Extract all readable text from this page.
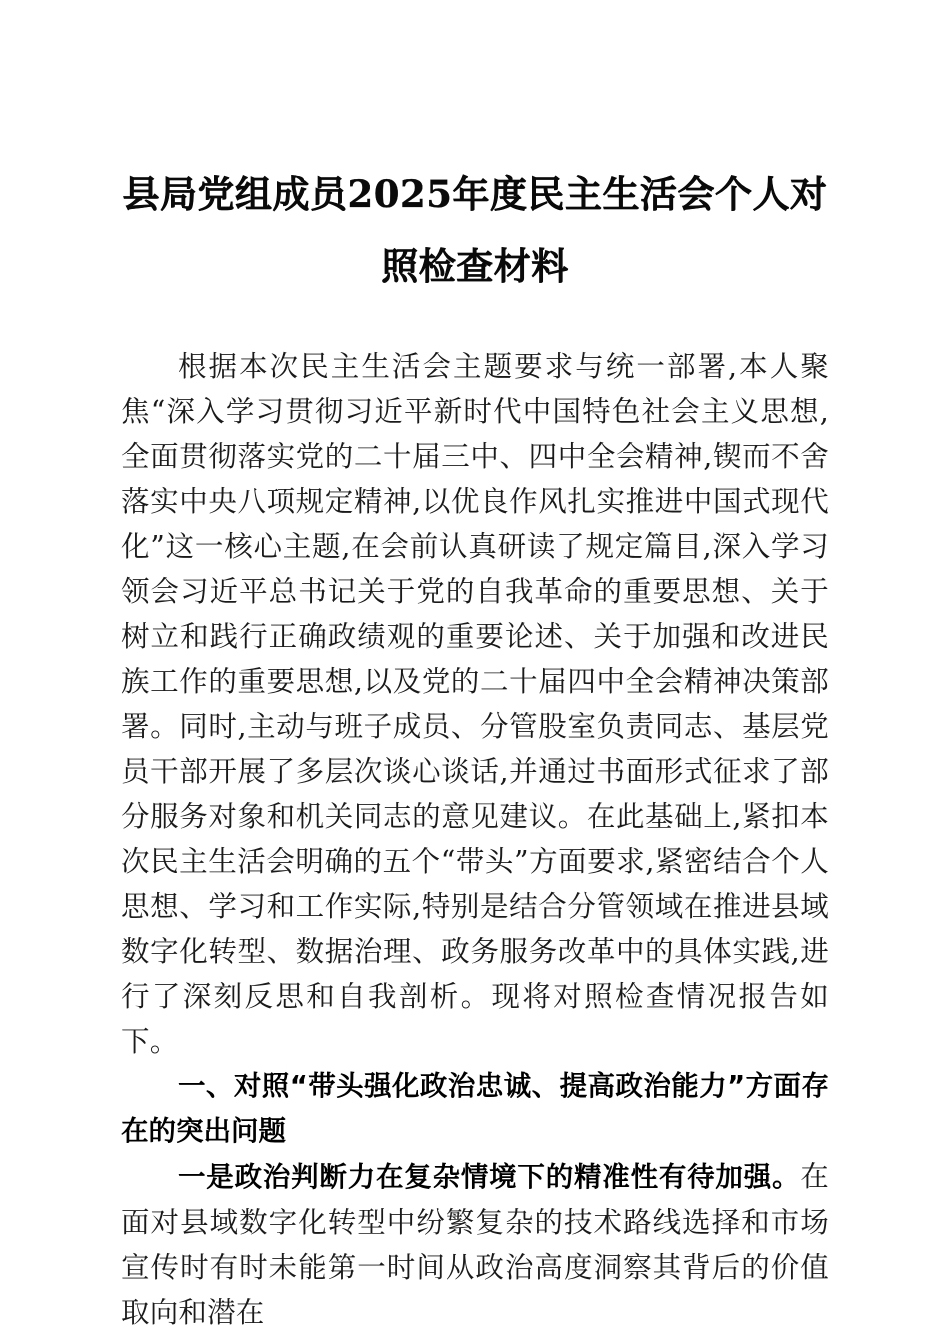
县局党组成员2025年度民主生活会个人对照检查材料

根据本次民主生活会主题要求与统一部署,本人聚焦“深入学习贯彻习近平新时代中国特色社会主义思想,全面贯彻落实党的二十届三中、四中全会精神,锲而不舍落实中央八项规定精神,以优良作风扎实推进中国式现代化”这一核心主题,在会前认真研读了规定篇目,深入学习领会习近平总书记关于党的自我革命的重要思想、关于树立和践行正确政绩观的重要论述、关于加强和改进民族工作的重要思想,以及党的二十届四中全会精神决策部署。同时,主动与班子成员、分管股室负责同志、基层党员干部开展了多层次谈心谈话,并通过书面形式征求了部分服务对象和机关同志的意见建议。在此基础上,紧扣本次民主生活会明确的五个“带头”方面要求,紧密结合个人思想、学习和工作实际,特别是结合分管领域在推进县域数字化转型、数据治理、政务服务改革中的具体实践,进行了深刻反思和自我剖析。现将对照检查情况报告如下。

一、对照“带头强化政治忠诚、提高政治能力”方面存在的突出问题

一是政治判断力在复杂情境下的精准性有待加强。在面对县域数字化转型中纷繁复杂的技术路线选择和市场宣传时有时未能第一时间从政治高度洞察其背后的价值取向和潜在
